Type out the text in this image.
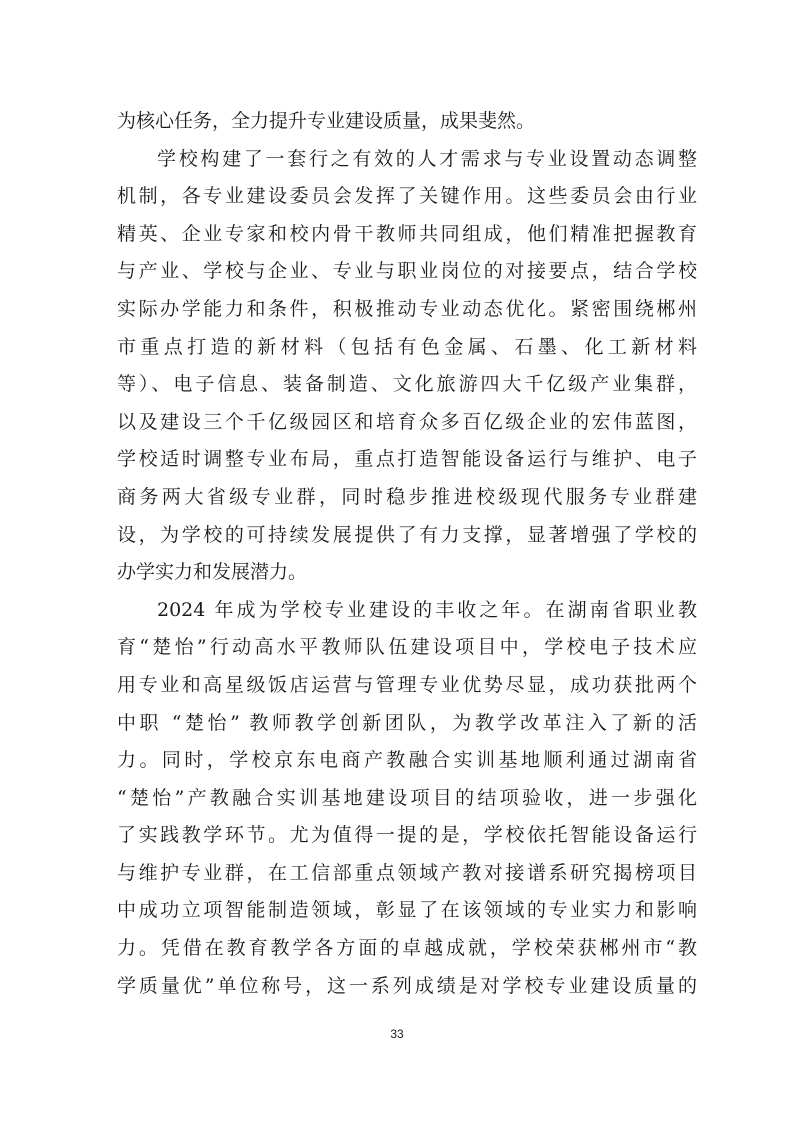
为核心任务，全力提升专业建设质量，成果斐然。
学校构建了一套行之有效的人才需求与专业设置动态调整
机制，各专业建设委员会发挥了关键作用。这些委员会由行业
精英、企业专家和校内骨干教师共同组成，他们精准把握教育
与产业、学校与企业、专业与职业岗位的对接要点，结合学校
实际办学能力和条件，积极推动专业动态优化。紧密围绕郴州
市重点打造的新材料（包括有色金属、石墨、化工新材料
等）、电子信息、装备制造、文化旅游四大千亿级产业集群，
以及建设三个千亿级园区和培育众多百亿级企业的宏伟蓝图，
学校适时调整专业布局，重点打造智能设备运行与维护、电子
商务两大省级专业群，同时稳步推进校级现代服务专业群建
设，为学校的可持续发展提供了有力支撑，显著增强了学校的
办学实力和发展潜力。
2024 年成为学校专业建设的丰收之年。在湖南省职业教
育“楚怡”行动高水平教师队伍建设项目中，学校电子技术应
用专业和高星级饭店运营与管理专业优势尽显，成功获批两个
中职 “楚怡” 教师教学创新团队，为教学改革注入了新的活
力。同时，学校京东电商产教融合实训基地顺利通过湖南省
“楚怡”产教融合实训基地建设项目的结项验收，进一步强化
了实践教学环节。尤为值得一提的是，学校依托智能设备运行
与维护专业群，在工信部重点领域产教对接谱系研究揭榜项目
中成功立项智能制造领域，彰显了在该领域的专业实力和影响
力。凭借在教育教学各方面的卓越成就，学校荣获郴州市“教
学质量优”单位称号，这一系列成绩是对学校专业建设质量的
33
